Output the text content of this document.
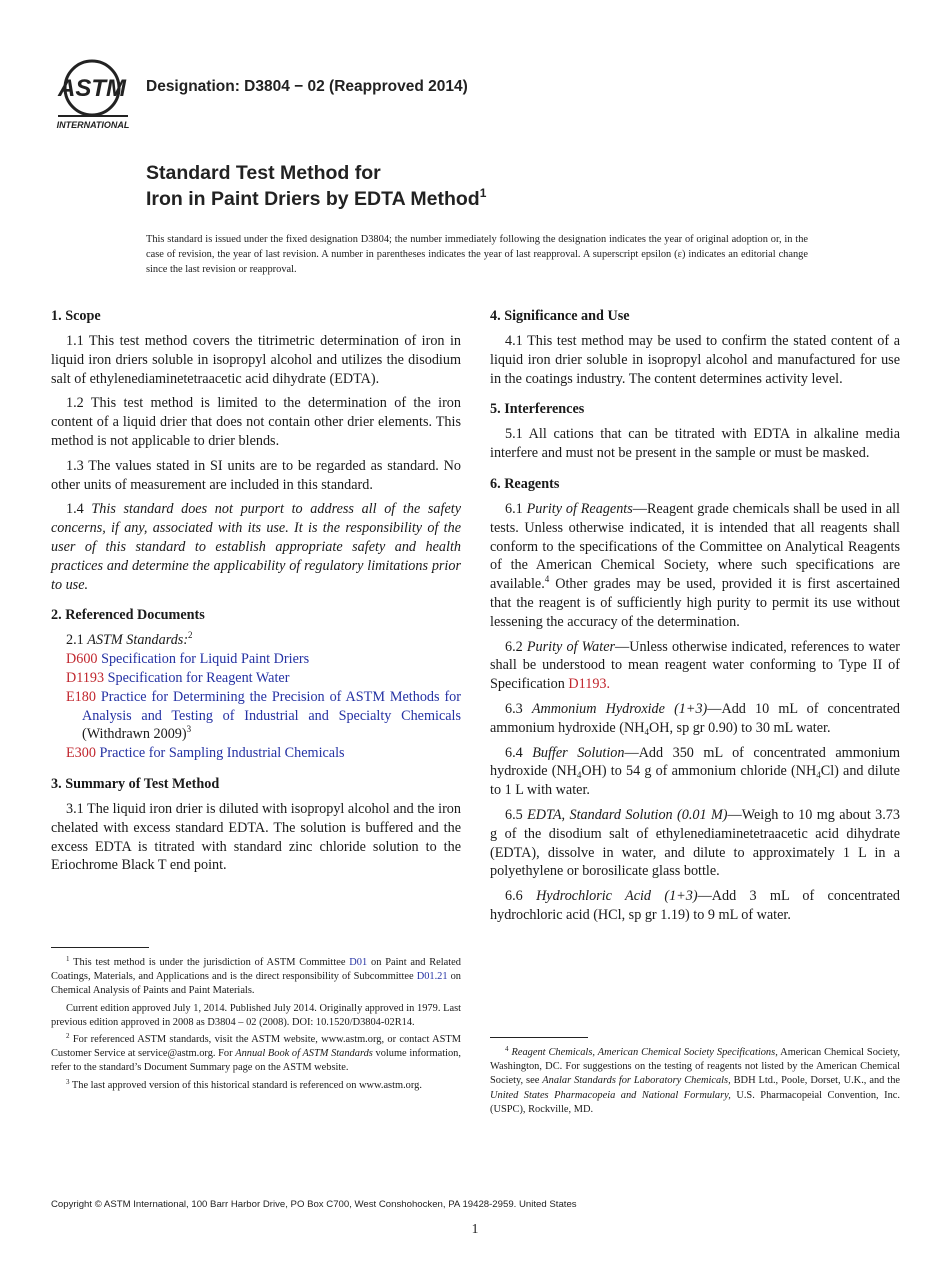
ASTM
INTERNATIONAL
Designation: D3804 − 02 (Reapproved 2014)
Standard Test Method for
Iron in Paint Driers by EDTA Method$^1$
This standard is issued under the fixed designation D3804; the number immediately following the designation indicates the year of original adoption or, in the case of revision, the year of last revision. A number in parentheses indicates the year of last reapproval. A superscript epsilon (ε) indicates an editorial change since the last revision or reapproval.
1. Scope

1.1 This test method covers the titrimetric determination of iron in liquid iron driers soluble in isopropyl alcohol and utilizes the disodium salt of ethylenediaminetetraacetic acid dihydrate (EDTA).

1.2 This test method is limited to the determination of the iron content of a liquid drier that does not contain other drier elements. This method is not applicable to drier blends.

1.3 The values stated in SI units are to be regarded as standard. No other units of measurement are included in this standard.

1.4 This standard does not purport to address all of the safety concerns, if any, associated with its use. It is the responsibility of the user of this standard to establish appropriate safety and health practices and determine the applicability of regulatory limitations prior to use.

2. Referenced Documents

2.1 ASTM Standards:$^2$

D600 Specification for Liquid Paint Driers
D1193 Specification for Reagent Water
E180 Practice for Determining the Precision of ASTM Methods for Analysis and Testing of Industrial and Specialty Chemicals (Withdrawn 2009)$^3$
E300 Practice for Sampling Industrial Chemicals
3. Summary of Test Method

3.1 The liquid iron drier is diluted with isopropyl alcohol and the iron chelated with excess standard EDTA. The solution is buffered and the excess EDTA is titrated with standard zinc chloride solution to the Eriochrome Black T end point.

$^1$ This test method is under the jurisdiction of ASTM Committee D01 on Paint and Related Coatings, Materials, and Applications and is the direct responsibility of Subcommittee D01.21 on Chemical Analysis of Paints and Paint Materials.

Current edition approved July 1, 2014. Published July 2014. Originally approved in 1979. Last previous edition approved in 2008 as D3804 – 02 (2008). DOI: 10.1520/D3804-02R14.

$^2$ For referenced ASTM standards, visit the ASTM website, www.astm.org, or contact ASTM Customer Service at service@astm.org. For Annual Book of ASTM Standards volume information, refer to the standard’s Document Summary page on the ASTM website.

$^3$ The last approved version of this historical standard is referenced on www.astm.org.

4. Significance and Use

4.1 This test method may be used to confirm the stated content of a liquid iron drier soluble in isopropyl alcohol and manufactured for use in the coatings industry. The content determines activity level.

5. Interferences

5.1 All cations that can be titrated with EDTA in alkaline media interfere and must not be present in the sample or must be masked.

6. Reagents

6.1 Purity of Reagents—Reagent grade chemicals shall be used in all tests. Unless otherwise indicated, it is intended that all reagents shall conform to the specifications of the Committee on Analytical Reagents of the American Chemical Society, where such specifications are available.$^4$ Other grades may be used, provided it is first ascertained that the reagent is of sufficiently high purity to permit its use without lessening the accuracy of the determination.

6.2 Purity of Water—Unless otherwise indicated, references to water shall be understood to mean reagent water conforming to Type II of Specification D1193.

6.3 Ammonium Hydroxide (1+3)—Add 10 mL of concentrated ammonium hydroxide ($NH_4OH$, sp gr 0.90) to 30 mL water.

6.4 Buffer Solution—Add 350 mL of concentrated ammonium hydroxide $(NH_4OH)$ to 54 g of ammonium chloride $(NH_4Cl)$ and dilute to 1 L with water.

6.5 EDTA, Standard Solution (0.01 M)—Weigh to 10 mg about 3.73 g of the disodium salt of ethylenediaminetetraacetic acid dihydrate (EDTA), dissolve in water, and dilute to approximately 1 L in a polyethylene or borosilicate glass bottle.

6.6 Hydrochloric Acid (1+3)—Add 3 mL of concentrated hydrochloric acid (HCl, sp gr 1.19) to 9 mL of water.

$^4$ Reagent Chemicals, American Chemical Society Specifications, American Chemical Society, Washington, DC. For suggestions on the testing of reagents not listed by the American Chemical Society, see Analar Standards for Laboratory Chemicals, BDH Ltd., Poole, Dorset, U.K., and the United States Pharmacopeia and National Formulary, U.S. Pharmacopeial Convention, Inc. (USPC), Rockville, MD.

Copyright © ASTM International, 100 Barr Harbor Drive, PO Box C700, West Conshohocken, PA 19428-2959. United States
1
